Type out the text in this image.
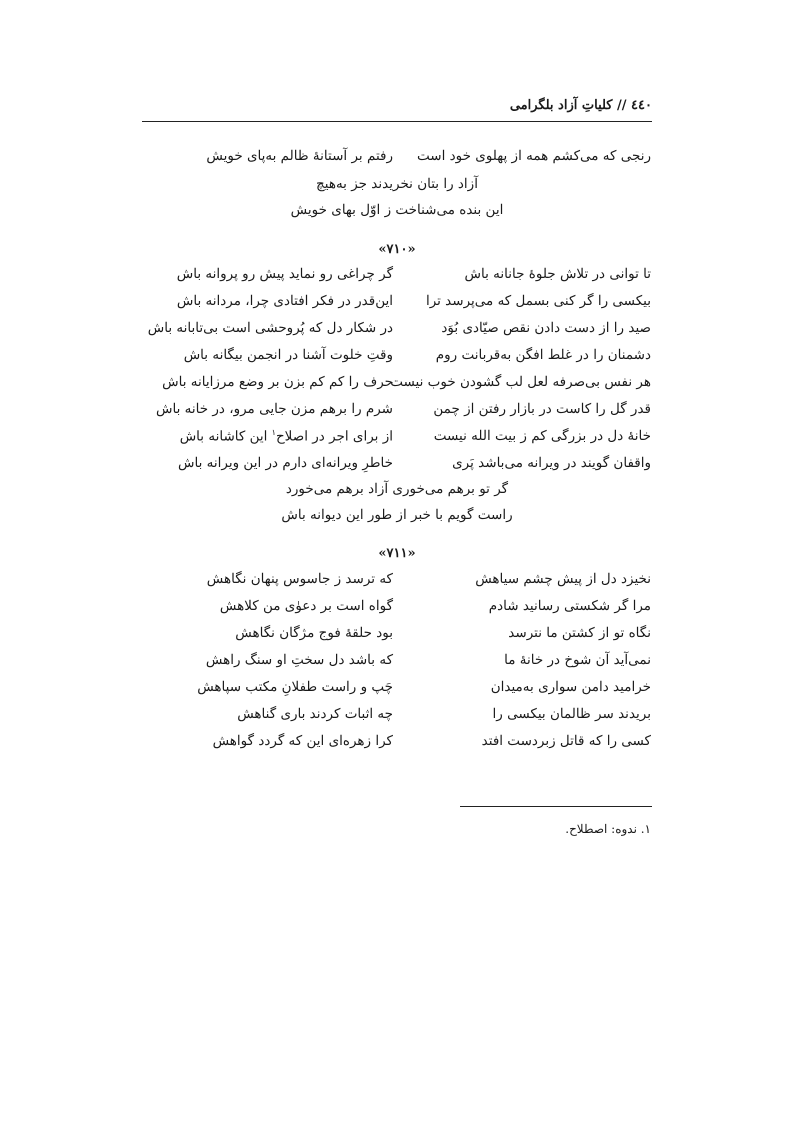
٤٤٠ // کلیاتِ آزاد بلگرامی
رنجی که می‌کشم همه از پهلوی خود است
رفتم بر آستانهٔ ظالم به‌پای خویش
آزاد را بتان نخریدند جز به‌هیچ
این بنده می‌شناخت ز اوّل بهای خویش
«٧١٠»
تا توانی در تلاش جلوهٔ جانانه باش
گر چراغی رو نماید پیش رو پروانه باش
بیکسی را گر کنی بسمل که می‌پرسد ترا
این‌قدر در فکر افتادی چرا، مردانه باش
صید را از دست دادن نقص صیّادی بُوَد
در شکار دل که پُروحشی است بی‌تابانه باش
دشمنان را در غلط افگن به‌قربانت روم
وقتِ خلوت آشنا در انجمن بیگانه باش
هر نفس بی‌صرفه لعل لب گشودن خوب نیست
حرف را کم کم بزن بر وضع مرزایانه باش
قدر گل را کاست در بازار رفتن از چمن
شرم را برهم مزن جایی مرو، در خانه باش
خانهٔ دل در بزرگی کم ز بیت الله نیست
از برای اجر در اصلاح$^١$ این کاشانه باش
واقفان گویند در ویرانه می‌باشد پَری
خاطرِ ویرانه‌ای دارم در این ویرانه باش
گر تو برهم می‌خوری آزاد برهم می‌خورد
راست گویم با خبر از طور این دیوانه باش
«٧١١»
نخیزد دل از پیش چشم سیاهش
که ترسد ز جاسوس پنهان نگاهش
مرا گر شکستی رسانید شادم
گواه است بر دعوٰی من کلاهش
نگاه تو از کشتن ما نترسد
بود حلقهٔ فوج مژگان نگاهش
نمی‌آید آن شوخ در خانهٔ ما
که باشد دل سختِ او سنگ راهش
خرامید دامن سواری به‌میدان
چَپ و راست طفلانِ مکتب سپاهش
بریدند سر ظالمان بیکسی را
چه اثبات کردند باری گناهش
کسی را که قاتل زبردست افتد
کرا زهره‌ای این که گردد گواهش
١. ندوه: اصطلاح.
